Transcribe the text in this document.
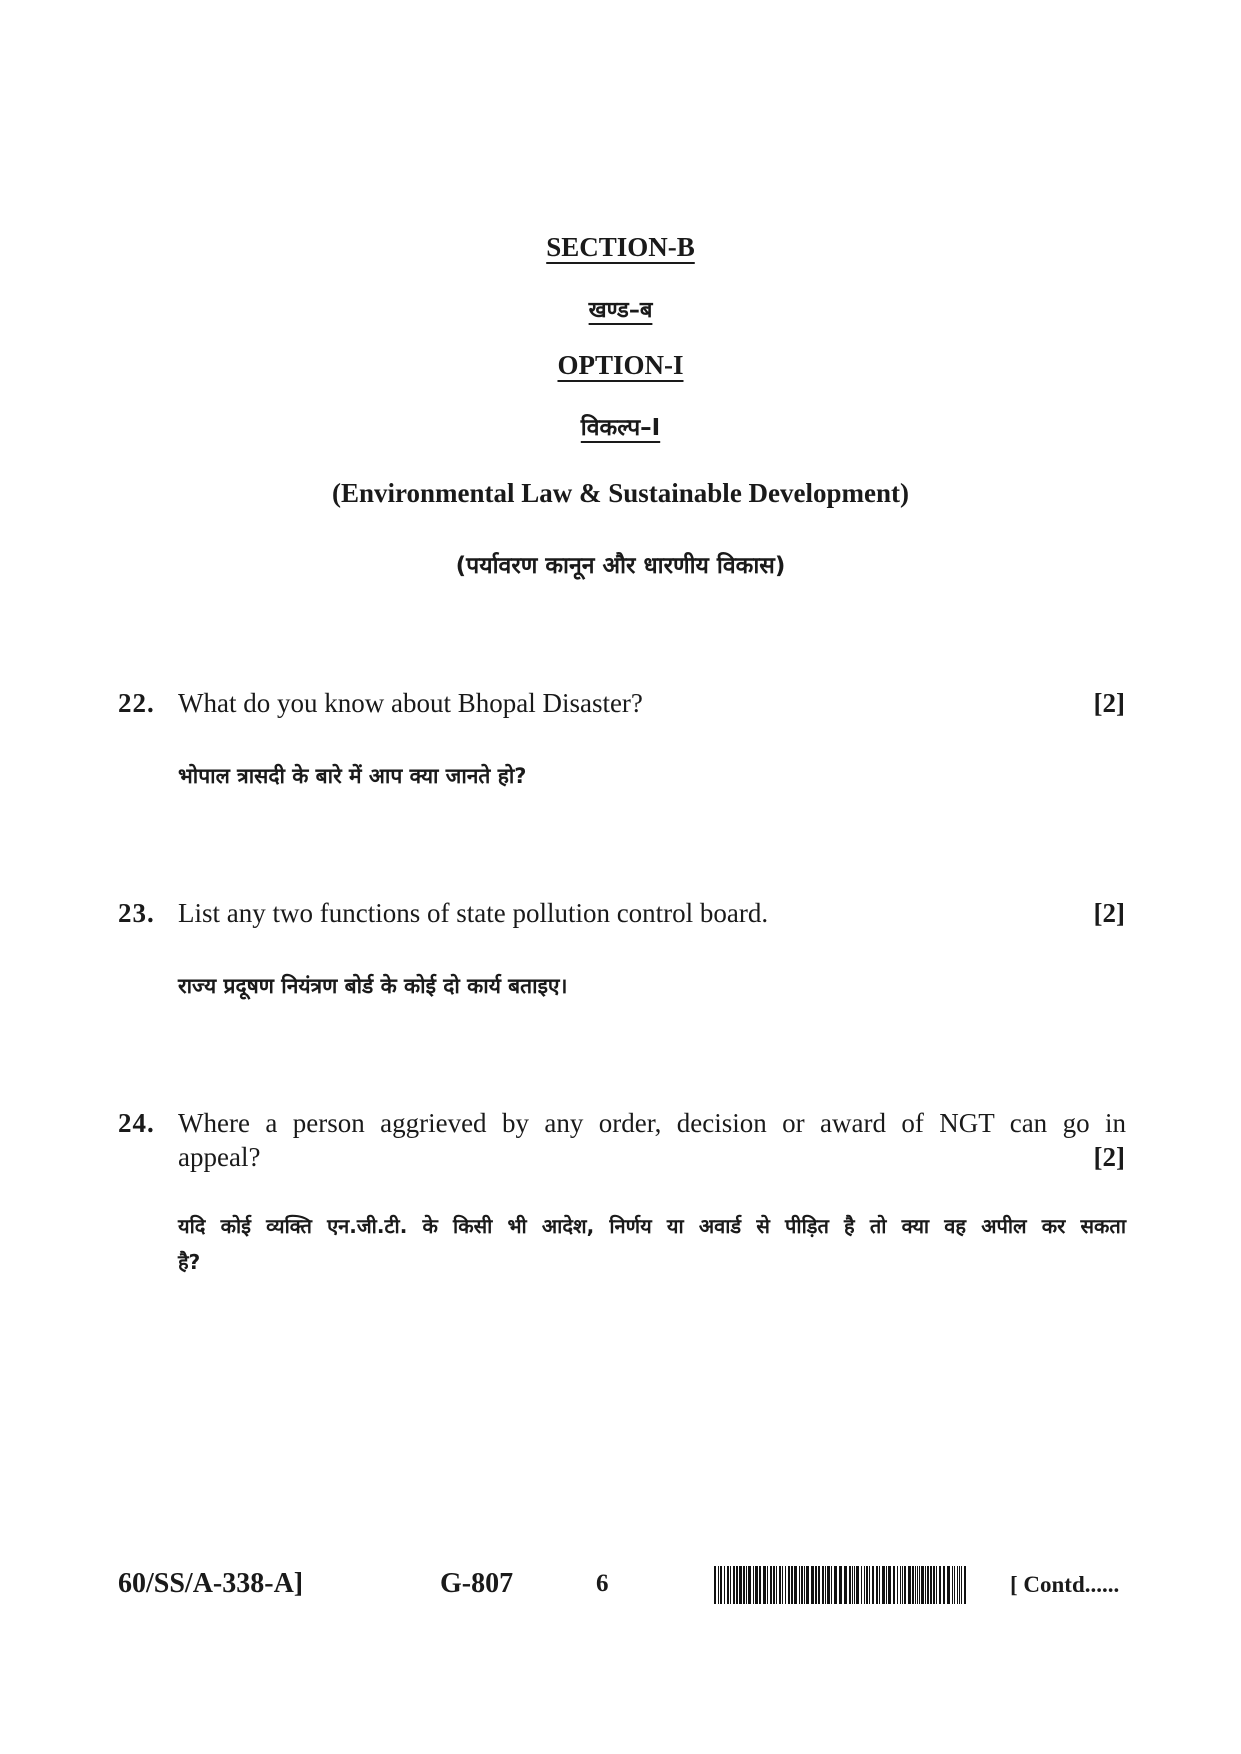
SECTION-B
खण्ड–ब
OPTION-I
विकल्प–I
(Environmental Law & Sustainable Development)
(पर्यावरण कानून और धारणीय विकास)
22. What do you know about Bhopal Disaster?	[2]
भोपाल त्रासदी के बारे में आप क्या जानते हो?
23. List any two functions of state pollution control board.	[2]
राज्य प्रदूषण नियंत्रण बोर्ड के कोई दो कार्य बताइए।
24. Where a person aggrieved by any order, decision or award of NGT can go in
appeal?	[2]
यदि कोई व्यक्ति एन.जी.टी. के किसी भी आदेश, निर्णय या अवार्ड से पीड़ित है तो क्या वह अपील कर सकता
है?
60/SS/A-338-A]	G-807	6	[ Contd......
